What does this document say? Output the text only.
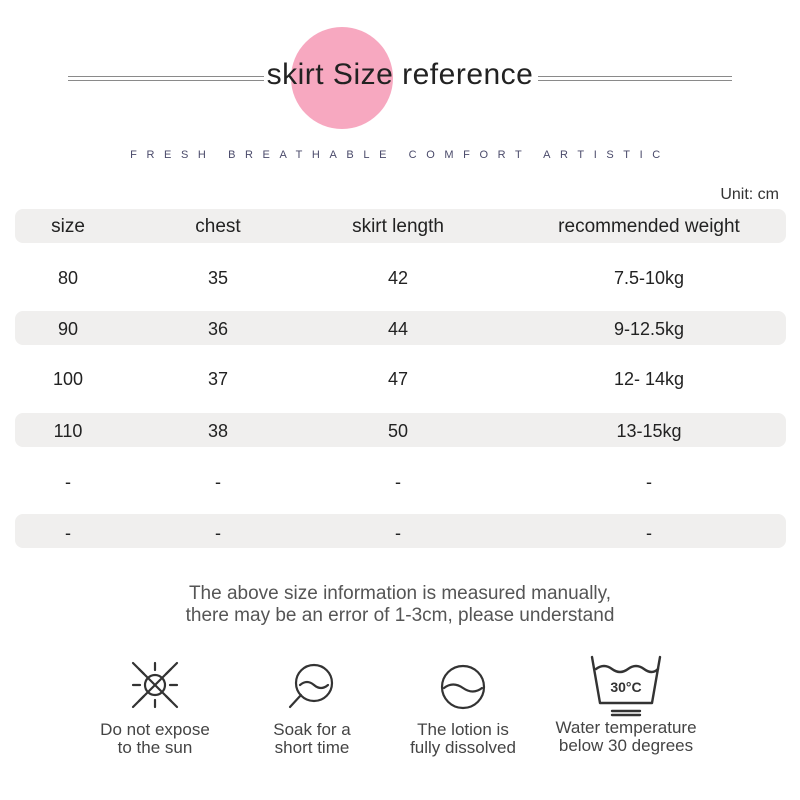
skirt Size reference
FRESH BREATHABLE COMFORT ARTISTIC
Unit: cm
size	chest	skirt length	recommended weight
80	35	42	7.5-10kg
90	36	44	9-12.5kg
100	37	47	12- 14kg
110	38	50	13-15kg
-	-	-	-
-	-	-	-
The above size information is measured manually,
there may be an error of 1-3cm, please understand
Do not expose
to the sun
Soak for a
short time
The lotion is
fully dissolved
30°C
Water temperature
below 30 degrees
